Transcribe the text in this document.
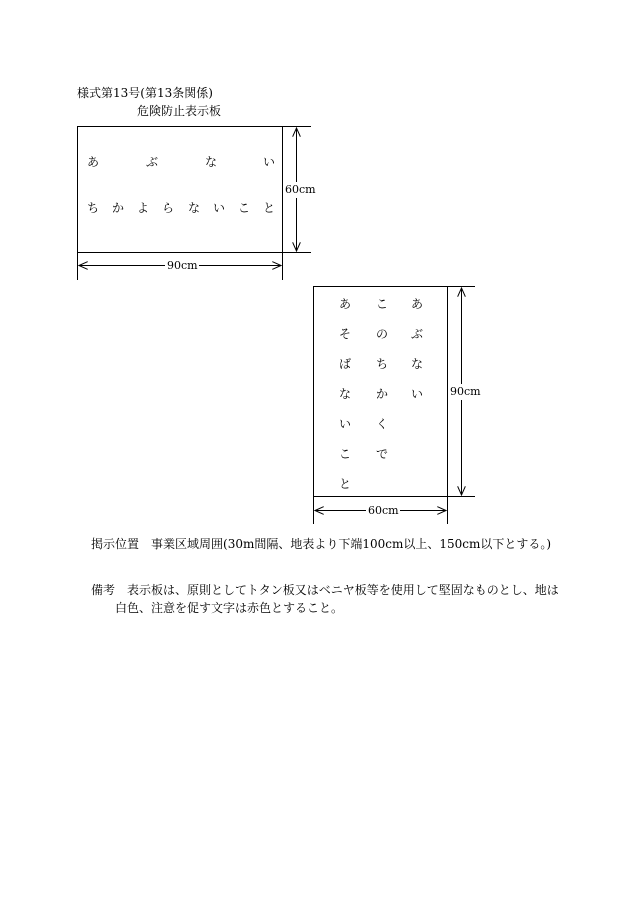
様式第13号(第13条関係)
危険防止表示板
あ	ぶ	な	い
ち か よ ら な い こ と
60cm
90cm
あ
そ
ば
な
い
こ
と
こ
の
ち
か
く
で
あ
ぶ
な
い 90cm
60cm
掲示位置 事業区域周囲(30m間隔、地表より下端100cm以上、150cm以下とする。)
備考 表示板は、原則としてトタン板又はベニヤ板等を使用して堅固なものとし、地は
白色、注意を促す文字は赤色とすること。
